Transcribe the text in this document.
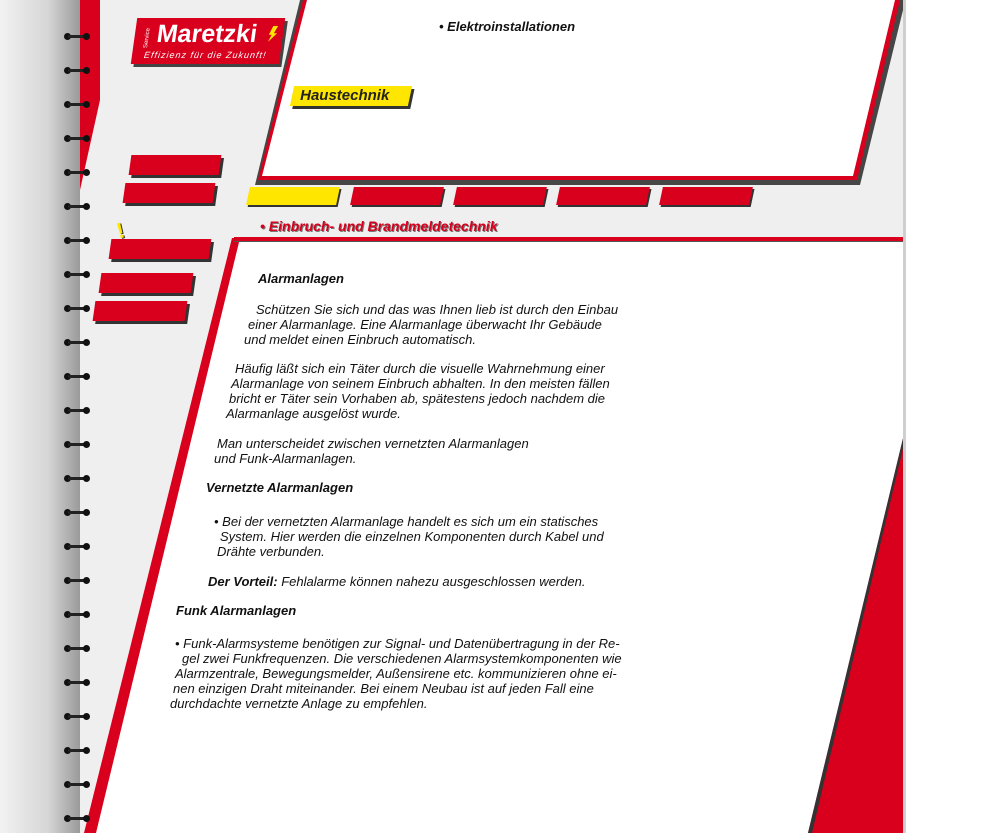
Service Maretzki
Effizienz für die Zukunft!
• Elektroinstallationen
Haustechnik
!	• Einbruch- und Brandmeldetechnik
Alarmanlagen

Schützen Sie sich und das was Ihnen lieb ist durch den Einbau

einer Alarmanlage. Eine Alarmanlage überwacht Ihr Gebäude

und meldet einen Einbruch automatisch.

Häufig läßt sich ein Täter durch die visuelle Wahrnehmung einer

Alarmanlage von seinem Einbruch abhalten. In den meisten fällen

bricht er Täter sein Vorhaben ab, spätestens jedoch nachdem die

Alarmanlage ausgelöst wurde.

Man unterscheidet zwischen vernetzten Alarmanlagen

und Funk-Alarmanlagen.

Vernetzte Alarmanlagen

• Bei der vernetzten Alarmanlage handelt es sich um ein statisches

System. Hier werden die einzelnen Komponenten durch Kabel und

Drähte verbunden.

Der Vorteil: Fehlalarme können nahezu ausgeschlossen werden.
Funk Alarmanlagen

• Funk-Alarmsysteme benötigen zur Signal- und Datenübertragung in der Re-

gel zwei Funkfrequenzen. Die verschiedenen Alarmsystemkomponenten wie

Alarmzentrale, Bewegungsmelder, Außensirene etc. kommunizieren ohne ei-

nen einzigen Draht miteinander. Bei einem Neubau ist auf jeden Fall eine

durchdachte vernetzte Anlage zu empfehlen.
